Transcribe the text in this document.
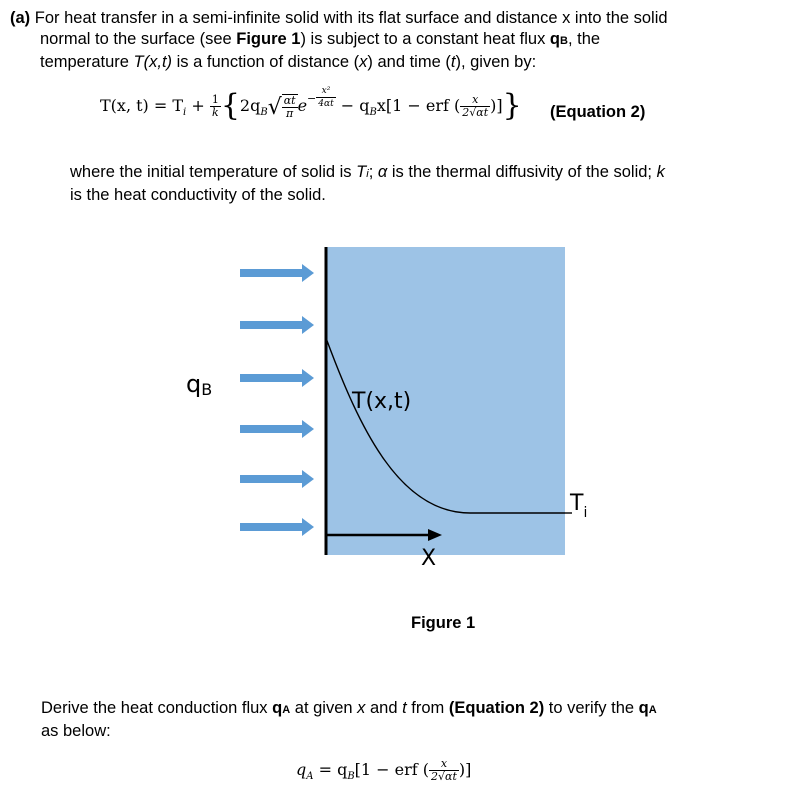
(a) For heat transfer in a semi-infinite solid with its flat surface and distance x into the solid
normal to the surface (see Figure 1) is subject to a constant heat flux qB, the
temperature T(x,t) is a function of distance (x) and time (t), given by:
T(x, $t) = T_i + \frac{1}{k} \{2q_B√ \frac{\alpha t}{\pi} e^- \frac{\text{x²}}{4\alpha t} - q_Bx[1$ − erf ( $\frac{x}{2√\alpha t}$ )]} (Equation 2)
where the initial temperature of solid is Ti; α is the thermal diffusivity of the solid; k
is the heat conductivity of the solid.
qB	T(x,t)
X
$T_i$
Figure 1
Derive the heat conduction flux qA at given x and t from (Equation 2) to verify the qA
as below:
$q_A = q_B[1$ − erf ( $\frac{x}{2√\alpha t}$ )]
